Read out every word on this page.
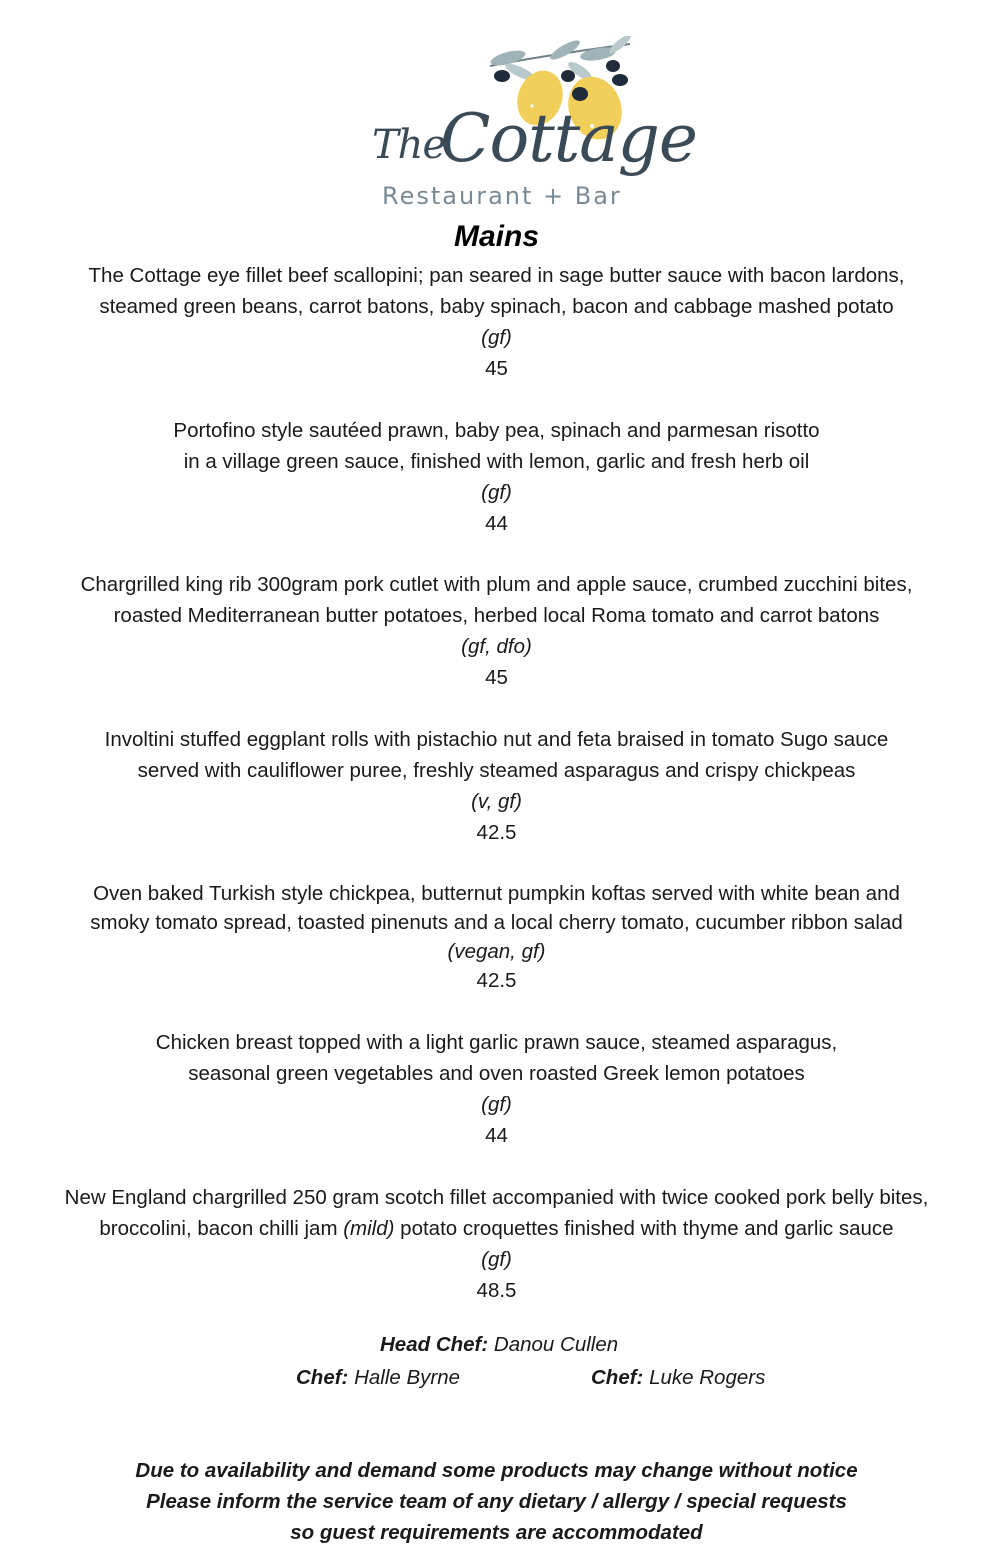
The
Cottage
Restaurant + Bar
Mains
The Cottage eye fillet beef scallopini; pan seared in sage butter sauce with bacon lardons,
steamed green beans, carrot batons, baby spinach, bacon and cabbage mashed potato
(gf)
45
Portofino style sautéed prawn, baby pea, spinach and parmesan risotto
in a village green sauce, finished with lemon, garlic and fresh herb oil
(gf)
44
Chargrilled king rib 300gram pork cutlet with plum and apple sauce, crumbed zucchini bites,
roasted Mediterranean butter potatoes, herbed local Roma tomato and carrot batons
(gf, dfo)
45
Involtini stuffed eggplant rolls with pistachio nut and feta braised in tomato Sugo sauce
served with cauliflower puree, freshly steamed asparagus and crispy chickpeas
(v, gf)
42.5
Oven baked Turkish style chickpea, butternut pumpkin koftas served with white bean and
smoky tomato spread, toasted pinenuts and a local cherry tomato, cucumber ribbon salad
(vegan, gf)
42.5
Chicken breast topped with a light garlic prawn sauce, steamed asparagus,
seasonal green vegetables and oven roasted Greek lemon potatoes
(gf)
44
New England chargrilled 250 gram scotch fillet accompanied with twice cooked pork belly bites,
broccolini, bacon chilli jam (mild) potato croquettes finished with thyme and garlic sauce
(gf)
48.5
Head Chef: Danou Cullen
Chef: Halle Byrne	Chef: Luke Rogers
Due to availability and demand some products may change without notice
Please inform the service team of any dietary / allergy / special requests
so guest requirements are accommodated
